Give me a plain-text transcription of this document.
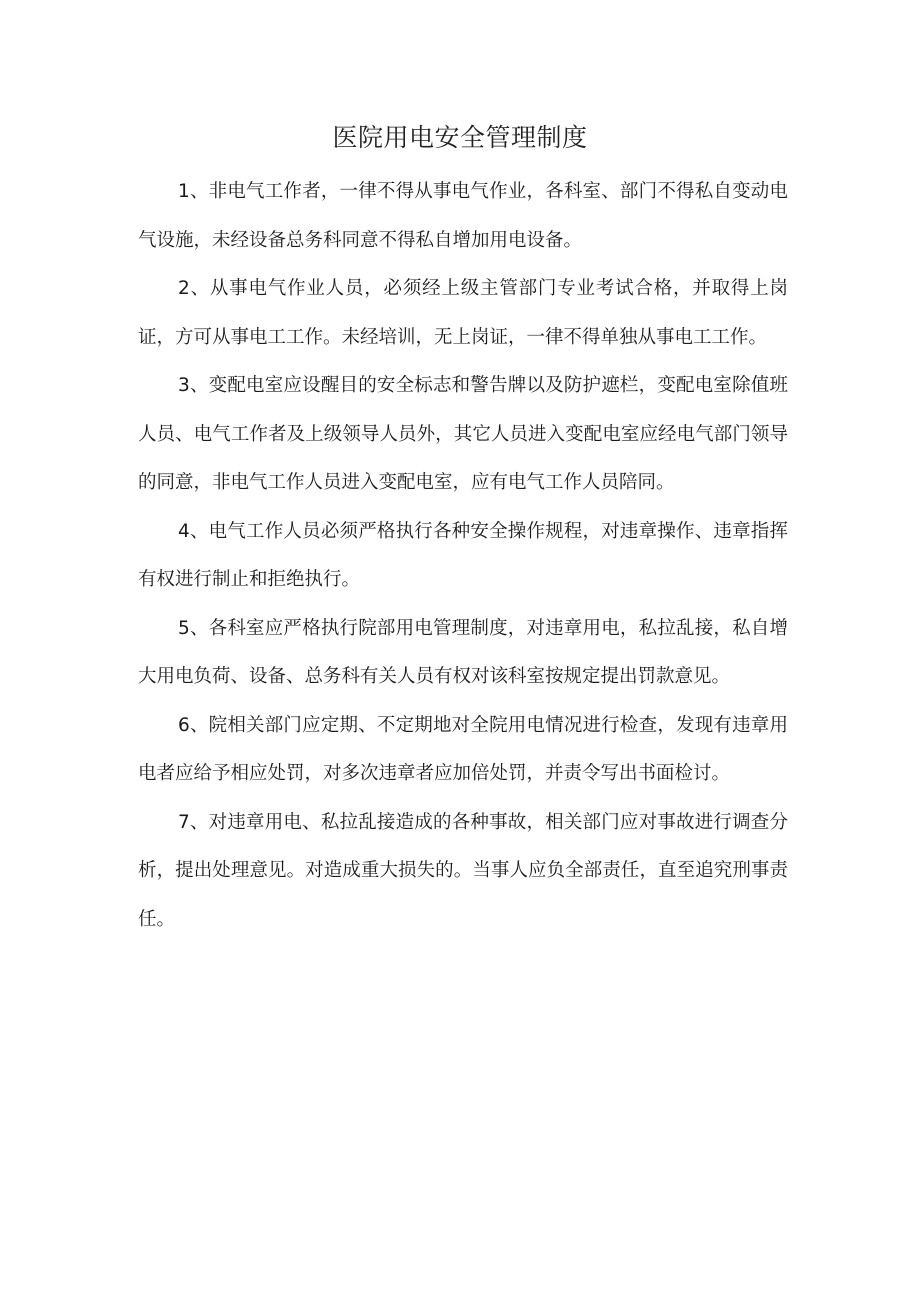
医院用电安全管理制度

1、非电气工作者，一律不得从事电气作业，各科室、部门不得私自变动电气设施，未经设备总务科同意不得私自增加用电设备。

2、从事电气作业人员，必须经上级主管部门专业考试合格，并取得上岗证，方可从事电工工作。未经培训，无上岗证，一律不得单独从事电工工作。

3、变配电室应设醒目的安全标志和警告牌以及防护遮栏，变配电室除值班人员、电气工作者及上级领导人员外，其它人员进入变配电室应经电气部门领导的同意，非电气工作人员进入变配电室，应有电气工作人员陪同。

4、电气工作人员必须严格执行各种安全操作规程，对违章操作、违章指挥有权进行制止和拒绝执行。

5、各科室应严格执行院部用电管理制度，对违章用电，私拉乱接，私自增大用电负荷、设备、总务科有关人员有权对该科室按规定提出罚款意见。

6、院相关部门应定期、不定期地对全院用电情况进行检查，发现有违章用电者应给予相应处罚，对多次违章者应加倍处罚，并责令写出书面检讨。

7、对违章用电、私拉乱接造成的各种事故，相关部门应对事故进行调查分析，提出处理意见。对造成重大损失的。当事人应负全部责任，直至追究刑事责任。
